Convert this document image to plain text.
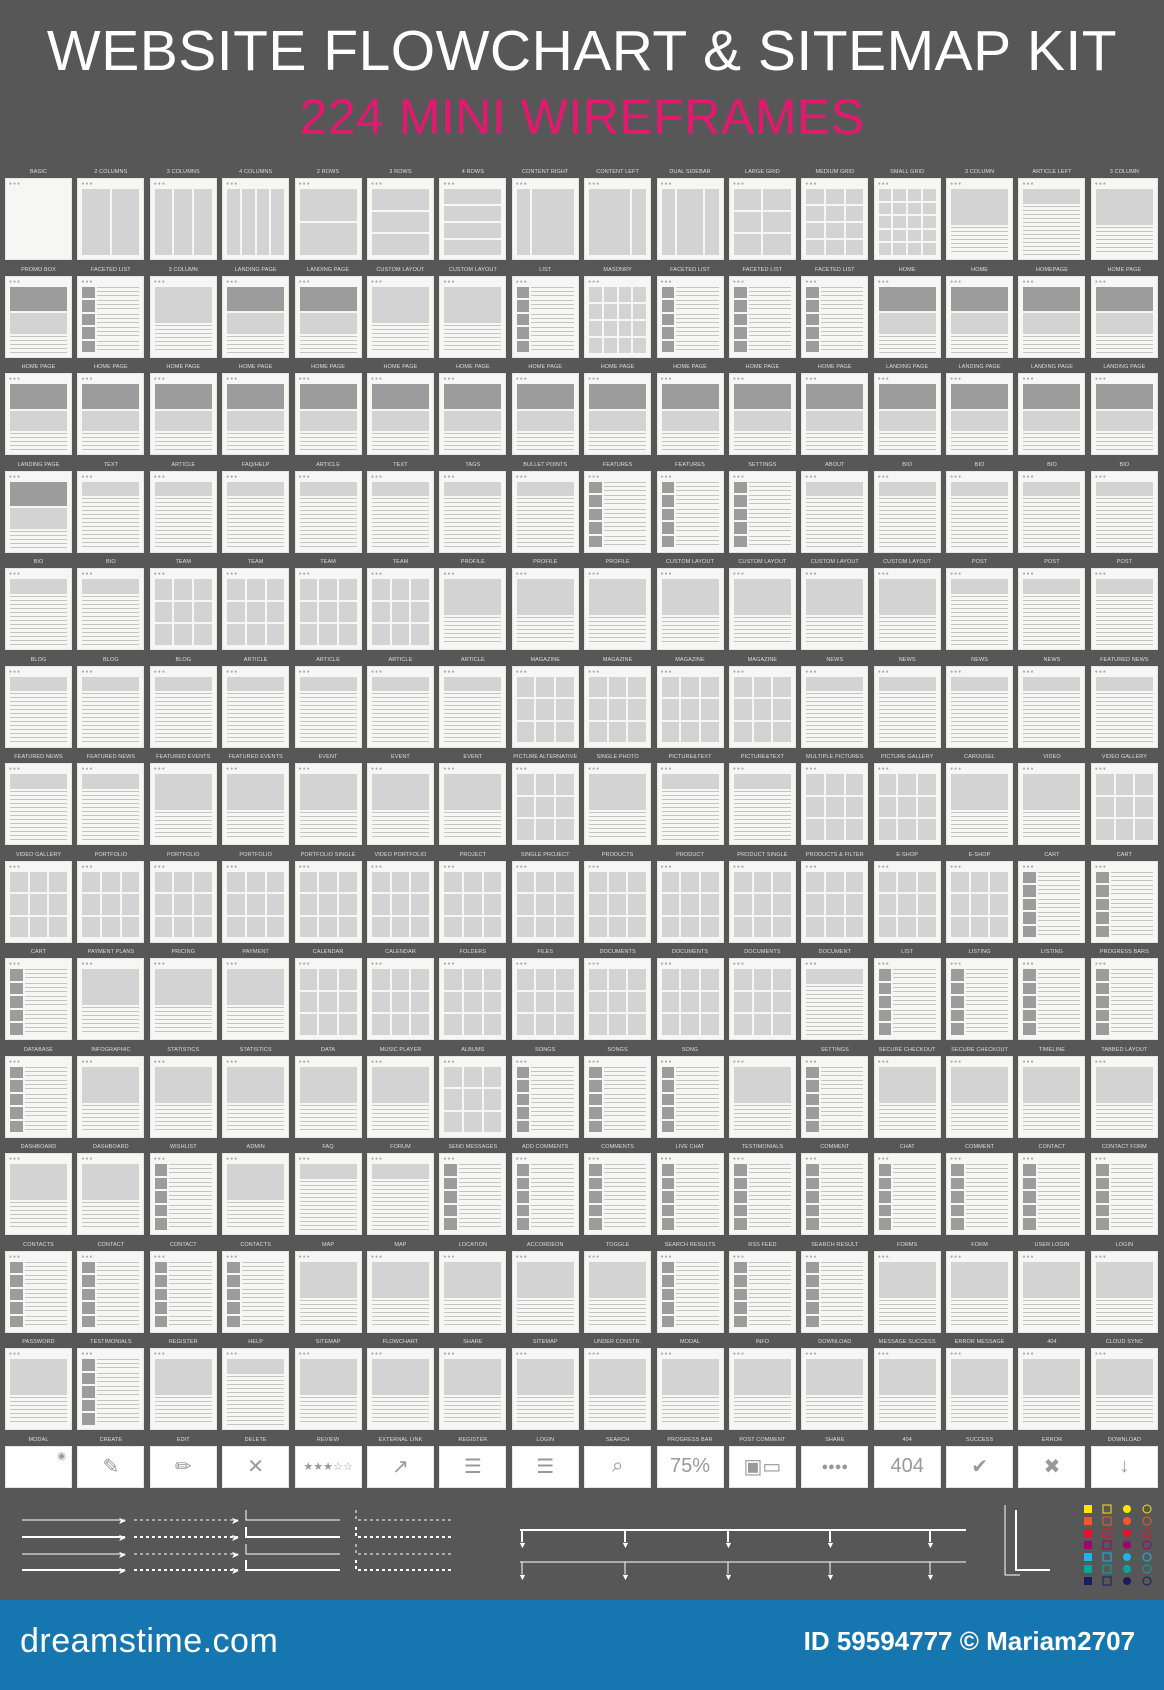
WEBSITE FLOWCHART & SITEMAP KIT
224 MINI WIREFRAMES
BASIC
●●●
2 COLUMNS
●●●
3 COLUMNS
●●●
4 COLUMNS
●●●
2 ROWS
●●●
3 ROWS
●●●
4 ROWS
●●●
CONTENT RIGHT
●●●
CONTENT LEFT
●●●
DUAL SIDEBAR
●●●
LARGE GRID
●●●
MEDIUM GRID
●●●
SMALL GRID
●●●
3 COLUMN
●●●
ARTICLE LEFT
●●●
3 COLUMN
●●●
PROMO BOX
●●●
FACETED LIST
●●●
3 COLUMN
●●●
LANDING PAGE
●●●
LANDING PAGE
●●●
CUSTOM LAYOUT
●●●
CUSTOM LAYOUT
●●●
LIST
●●●
MASONRY
●●●
FACETED LIST
●●●
FACETED LIST
●●●
FACETED LIST
●●●
HOME
●●●
HOME
●●●
HOMEPAGE
●●●
HOME PAGE
●●●
HOME PAGE
●●●
HOME PAGE
●●●
HOME PAGE
●●●
HOME PAGE
●●●
HOME PAGE
●●●
HOME PAGE
●●●
HOME PAGE
●●●
HOME PAGE
●●●
HOME PAGE
●●●
HOME PAGE
●●●
HOME PAGE
●●●
HOME PAGE
●●●
LANDING PAGE
●●●
LANDING PAGE
●●●
LANDING PAGE
●●●
LANDING PAGE
●●●
LANDING PAGE
●●●
TEXT
●●●
ARTICLE
●●●
FAQ/HELP
●●●
ARTICLE
●●●
TEXT
●●●
TAGS
●●●
BULLET POINTS
●●●
FEATURES
●●●
FEATURES
●●●
SETTINGS
●●●
ABOUT
●●●
BIO
●●●
BIO
●●●
BIO
●●●
BIO
●●●
BIO
●●●
BIO
●●●
TEAM
●●●
TEAM
●●●
TEAM
●●●
TEAM
●●●
PROFILE
●●●
PROFILE
●●●
PROFILE
●●●
CUSTOM LAYOUT
●●●
CUSTOM LAYOUT
●●●
CUSTOM LAYOUT
●●●
CUSTOM LAYOUT
●●●
POST
●●●
POST
●●●
POST
●●●
BLOG
●●●
BLOG
●●●
BLOG
●●●
ARTICLE
●●●
ARTICLE
●●●
ARTICLE
●●●
ARTICLE
●●●
MAGAZINE
●●●
MAGAZINE
●●●
MAGAZINE
●●●
MAGAZINE
●●●
NEWS
●●●
NEWS
●●●
NEWS
●●●
NEWS
●●●
FEATURED NEWS
●●●
FEATURED NEWS
●●●
FEATURED NEWS
●●●
FEATURED EVENTS
●●●
FEATURED EVENTS
●●●
EVENT
●●●
EVENT
●●●
EVENT
●●●
PICTURE ALTERNATIVE
●●●
SINGLE PHOTO
●●●
PICTURE&TEXT
●●●
PICTURE&TEXT
●●●
MULTIPLE PICTURES
●●●
PICTURE GALLERY
●●●
CAROUSEL
●●●
VIDEO
●●●
VIDEO GALLERY
●●●
VIDEO GALLERY
●●●
PORTFOLIO
●●●
PORTFOLIO
●●●
PORTFOLIO
●●●
PORTFOLIO SINGLE
●●●
VIDEO PORTFOLIO
●●●
PROJECT
●●●
SINGLE PROJECT
●●●
PRODUCTS
●●●
PRODUCT
●●●
PRODUCT SINGLE
●●●
PRODUCTS & FILTER
●●●
E-SHOP
●●●
E-SHOP
●●●
CART
●●●
CART
●●●
CART
●●●
PAYMENT PLANS
●●●
PRICING
●●●
PAYMENT
●●●
CALENDAR
●●●
CALENDAR
●●●
FOLDERS
●●●
FILES
●●●
DOCUMENTS
●●●
DOCUMENTS
●●●
DOCUMENTS
●●●
DOCUMENT
●●●
LIST
●●●
LISTING
●●●
LISTING
●●●
PROGRESS BARS
●●●
DATABASE
●●●
INFOGRAPHIC
●●●
STATISTICS
●●●
STATISTICS
●●●
DATA
●●●
MUSIC PLAYER
●●●
ALBUMS
●●●
SONGS
●●●
SONGS
●●●
SONG
●●●	●●●
SETTINGS
●●●
SECURE CHECKOUT
●●●
SECURE CHECKOUT
●●●
TIMELINE
●●●
TABBED LAYOUT
●●●
DASHBOARD
●●●
DASHBOARD
●●●
WISHLIST
●●●
ADMIN
●●●
FAQ
●●●
FORUM
●●●
SEND MESSAGES
●●●
ADD COMMENTS
●●●
COMMENTS
●●●
LIVE CHAT
●●●
TESTIMONIALS
●●●
COMMENT
●●●
CHAT
●●●
COMMENT
●●●
CONTACT
●●●
CONTACT FORM
●●●
CONTACTS
●●●
CONTACT
●●●
CONTACT
●●●
CONTACTS
●●●
MAP
●●●
MAP
●●●
LOCATION
●●●
ACCORDEON
●●●
TOGGLE
●●●
SEARCH RESULTS
●●●
RSS FEED
●●●
SEARCH RESULT
●●●
FORMS
●●●
FORM
●●●
USER LOGIN
●●●
LOGIN
●●●
PASSWORD
●●●
TESTIMONIALS
●●●
REGISTER
●●●
HELP
●●●
SITEMAP
●●●
FLOWCHART
●●●
SHARE
●●●
SITEMAP
●●●
UNDER CONSTR.
●●●
MODAL
●●●
INFO
●●●
DOWNLOAD
●●●
MESSAGE SUCCESS
●●●
ERROR MESSAGE
●●●
404
●●●
CLOUD SYNC
●●●
MODAL
◉
CREATE
✎
EDIT
✏
DELETE
✕
REVIEW
★★★☆☆
EXTERNAL LINK
↗
REGISTER
☰
LOGIN
☰
SEARCH
⌕
PROGRESS BAR
75%
POST COMMENT
▣▭
SHARE
●●●●
404
404
SUCCESS
✔
ERROR
✖
DOWNLOAD
↓
➤	➤
➤	➤
➤	➤
➤	➤
▼	▼	▼	▼	▼
▼	▼	▼	▼	▼
dreamstime.com	ID 59594777 © Mariam2707
